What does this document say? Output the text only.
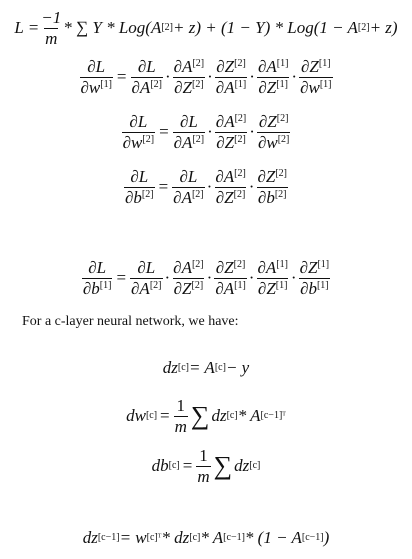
$L = \frac{-1}{m}$ * ∑ Y * Log(A [2] + z) + (1 − Y) * Log(1 − A [2] + z)
$\frac{\partial L}{\partial w^{[1]}} = \frac{\partial L}{\partial A^{[2]}} \cdot \frac{\partial A^{[2]}}{\partial Z^{[2]}} \cdot \frac{\partial Z^{[2]}}{\partial A^{[1]}} \cdot \frac{\partial A^{[1]}}{\partial Z^{[1]}} \cdot \frac{\partial Z^{[1]}}{\partial w^{[1]}}$
$\frac{\partial L}{\partial w^{[2]}} = \frac{\partial L}{\partial A^{[2]}} \cdot \frac{\partial A^{[2]}}{\partial Z^{[2]}} \cdot \frac{\partial Z^{[2]}}{\partial w^{[2]}}$
$\frac{\partial L}{\partial b^{[2]}} = \frac{\partial L}{\partial A^{[2]}} \cdot \frac{\partial A^{[2]}}{\partial Z^{[2]}} \cdot \frac{\partial Z^{[2]}}{\partial b^{[2]}}$
$\frac{\partial L}{\partial b^{[1]}} = \frac{\partial L}{\partial A^{[2]}} \cdot \frac{\partial A^{[2]}}{\partial Z^{[2]}} \cdot \frac{\partial Z^{[2]}}{\partial A^{[1]}} \cdot \frac{\partial A^{[1]}}{\partial Z^{[1]}} \cdot \frac{\partial Z^{[1]}}{\partial b^{[1]}}$
For a c-layer neural network, we have:
dz [c] = A [c] − y
dw $[c] = \frac{1}{m}$ ∑ dz [c] * A [c−1]ᵀ
db $[c] = \frac{1}{m}$ ∑ dz [c]
dz [c−1] = w [c]ᵀ * dz [c] * A [c−1] * (1 − A [c−1] )
